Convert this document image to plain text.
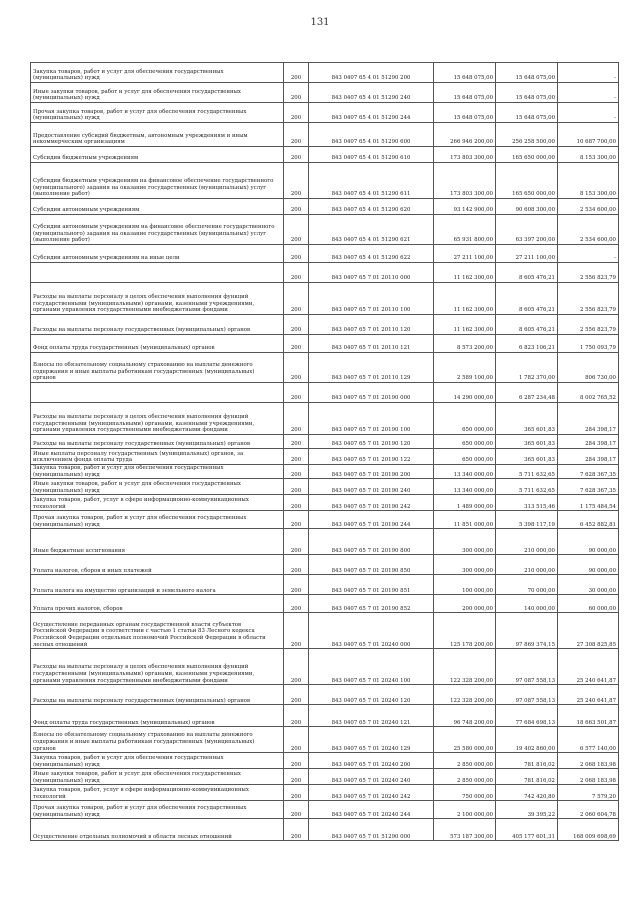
131
Закупка товаров, работ и услуг для обеспечения государственных
(муниципальных) нужд	200	843 0407 65 4 01 51290 200	15 648 075,00	15 648 075,00	-
Иные закупки товаров, работ и услуг для обеспечения государственных
(муниципальных) нужд	200	843 0407 65 4 01 51290 240	15 648 075,00	15 648 075,00	-
Прочая закупка товаров, работ и услуг для обеспечения государственных
(муниципальных) нужд	200	843 0407 65 4 01 51290 244	15 648 075,00	15 648 075,00	-
Предоставление субсидий бюджетным, автономным учреждениям и иным
некоммерческим организациям	200	843 0407 65 4 01 51290 600	266 946 200,00	256 258 500,00	10 687 700,00
Субсидии бюджетным учреждениям	200	843 0407 65 4 01 51290 610	173 803 300,00	165 650 000,00	8 153 300,00
Субсидии бюджетным учреждениям на финансовое обеспечение государственного
(муниципального) задания на оказание государственных (муниципальных) услуг
(выполнение работ)	200	843 0407 65 4 01 51290 611	173 803 300,00	165 650 000,00	8 153 300,00
Субсидии автономным учреждениям	200	843 0407 65 4 01 51290 620	93 142 900,00	90 608 300,00	2 534 600,00
Субсидии автономным учреждениям на финансовое обеспечение государственного
(муниципального) задания на оказание государственных (муниципальных) услуг
(выполнение работ)	200	843 0407 65 4 01 51290 621	65 931 800,00	63 397 200,00	2 534 600,00
Субсидии автономным учреждениям на иные цели	200	843 0407 65 4 01 51290 622	27 211 100,00	27 211 100,00	-
	200	843 0407 65 7 01 20110 000	11 162 300,00	8 605 476,21	2 556 823,79
Расходы на выплаты персоналу в целях обеспечения выполнения функций
государственными (муниципальными) органами, казенными учреждениями,
органами управления государственными внебюджетными фондами	200	843 0407 65 7 01 20110 100	11 162 300,00	8 605 476,21	2 556 823,79
Расходы на выплаты персоналу государственных (муниципальных) органов	200	843 0407 65 7 01 20110 120	11 162 300,00	8 605 476,21	2 556 823,79
Фонд оплаты труда государственных (муниципальных) органов	200	843 0407 65 7 01 20110 121	8 573 200,00	6 823 106,21	1 750 093,79
Взносы по обязательному социальному страхованию на выплаты денежного
содержания и иные выплаты работникам государственных (муниципальных)
органов	200	843 0407 65 7 01 20110 129	2 589 100,00	1 782 370,00	806 730,00
	200	843 0407 65 7 01 20190 000	14 290 000,00	6 287 234,48	8 002 765,52
Расходы на выплаты персоналу в целях обеспечения выполнения функций
государственными (муниципальными) органами, казенными учреждениями,
органами управления государственными внебюджетными фондами	200	843 0407 65 7 01 20190 100	650 000,00	365 601,83	284 398,17
Расходы на выплаты персоналу государственных (муниципальных) органов	200	843 0407 65 7 01 20190 120	650 000,00	365 601,83	284 398,17
Иные выплаты персоналу государственных (муниципальных) органов, за
исключением фонда оплаты труда	200	843 0407 65 7 01 20190 122	650 000,00	365 601,83	284 398,17
Закупка товаров, работ и услуг для обеспечения государственных
(муниципальных) нужд	200	843 0407 65 7 01 20190 200	13 340 000,00	5 711 632,65	7 628 367,35
Иные закупки товаров, работ и услуг для обеспечения государственных
(муниципальных) нужд	200	843 0407 65 7 01 20190 240	13 340 000,00	5 711 632,65	7 628 367,35
Закупка товаров, работ, услуг в сфере информационно-коммуникационных
технологий	200	843 0407 65 7 01 20190 242	1 489 000,00	313 515,46	1 175 484,54
Прочая закупка товаров, работ и услуг для обеспечения государственных
(муниципальных) нужд	200	843 0407 65 7 01 20190 244	11 851 000,00	5 398 117,19	6 452 882,81
Иные бюджетные ассигнования	200	843 0407 65 7 01 20190 800	300 000,00	210 000,00	90 000,00
Уплата налогов, сборов и иных платежей	200	843 0407 65 7 01 20190 850	300 000,00	210 000,00	90 000,00
Уплата налога на имущество организаций и земельного налога	200	843 0407 65 7 01 20190 851	100 000,00	70 000,00	30 000,00
Уплата прочих налогов, сборов	200	843 0407 65 7 01 20190 852	200 000,00	140 000,00	60 000,00
Осуществление переданных органам государственной власти субъектов
Российской Федерации в соответствии с частью 1 статьи 83 Лесного кодекса
Российской Федерации отдельных полномочий Российской Федерации в области
лесных отношений	200	843 0407 65 7 01 20240 000	125 178 200,00	97 869 374,15	27 308 825,85
Расходы на выплаты персоналу в целях обеспечения выполнения функций
государственными (муниципальными) органами, казенными учреждениями,
органами управления государственными внебюджетными фондами	200	843 0407 65 7 01 20240 100	122 328 200,00	97 087 558,13	25 240 641,87
Расходы на выплаты персоналу государственных (муниципальных) органов	200	843 0407 65 7 01 20240 120	122 328 200,00	97 087 558,13	25 240 641,87
Фонд оплаты труда государственных (муниципальных) органов	200	843 0407 65 7 01 20240 121	96 748 200,00	77 684 698,13	18 663 501,87
Взносы по обязательному социальному страхованию на выплаты денежного
содержания и иные выплаты работникам государственных (муниципальных)
органов	200	843 0407 65 7 01 20240 129	25 580 000,00	19 402 860,00	6 577 140,00
Закупка товаров, работ и услуг для обеспечения государственных
(муниципальных) нужд	200	843 0407 65 7 01 20240 200	2 850 000,00	781 816,02	2 068 183,98
Иные закупки товаров, работ и услуг для обеспечения государственных
(муниципальных) нужд	200	843 0407 65 7 01 20240 240	2 850 000,00	781 816,02	2 068 183,98
Закупка товаров, работ, услуг в сфере информационно-коммуникационных
технологий	200	843 0407 65 7 01 20240 242	750 000,00	742 420,80	7 579,20
Прочая закупка товаров, работ и услуг для обеспечения государственных
(муниципальных) нужд	200	843 0407 65 7 01 20240 244	2 100 000,00	39 395,22	2 060 604,78
Осуществление отдельных полномочий в области лесных отношений	200	843 0407 65 7 01 51290 000	573 187 300,00	405 177 601,31	168 009 698,69
